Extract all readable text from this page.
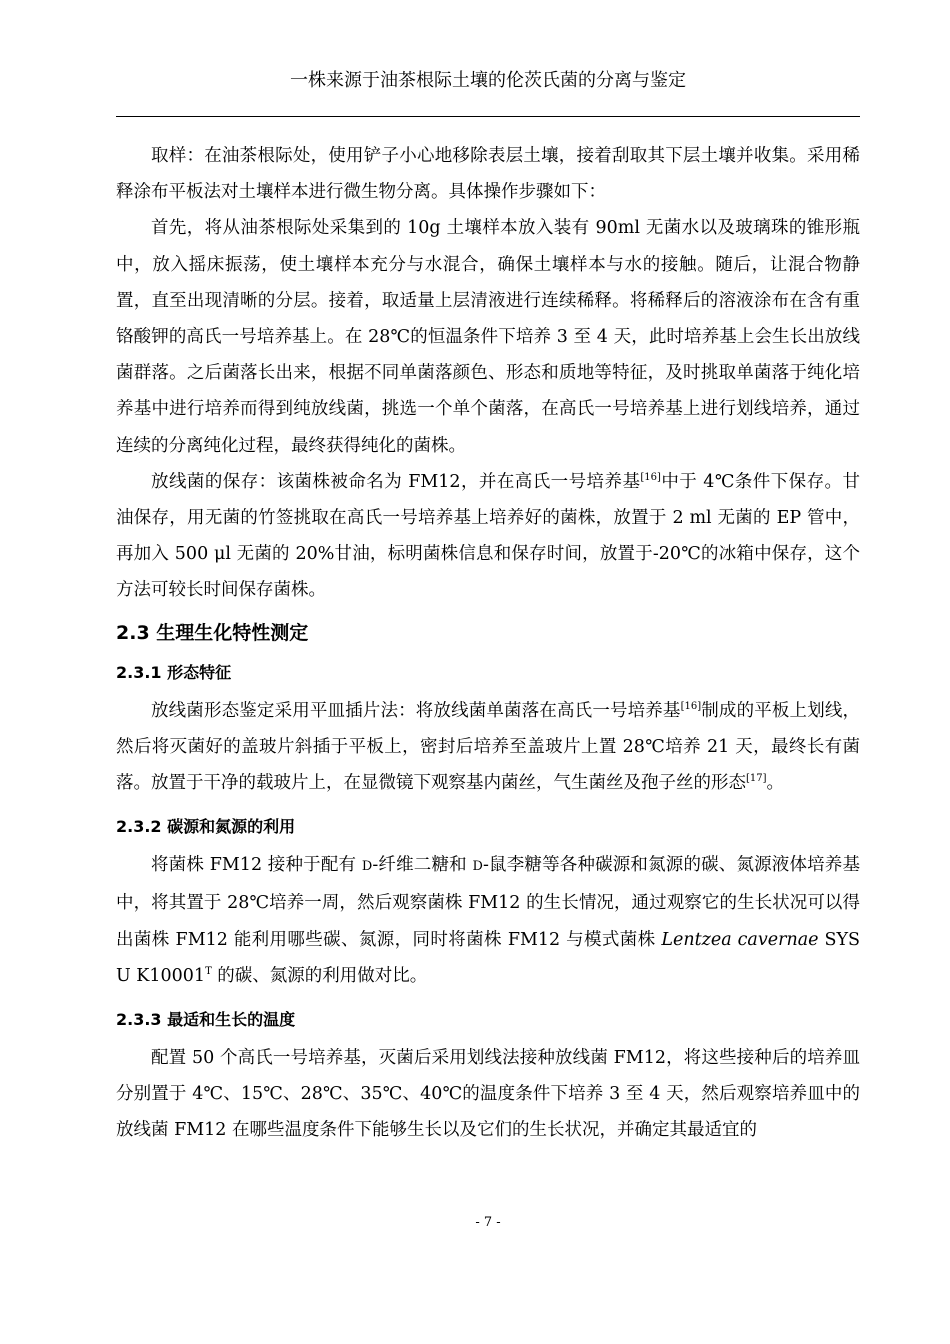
一株来源于油茶根际土壤的伦茨氏菌的分离与鉴定

取样：在油茶根际处，使用铲子小心地移除表层土壤，接着刮取其下层土壤并收集。采用稀释涂布平板法对土壤样本进行微生物分离。具体操作步骤如下：

首先，将从油茶根际处采集到的 10g 土壤样本放入装有 90ml 无菌水以及玻璃珠的锥形瓶中，放入摇床振荡，使土壤样本充分与水混合，确保土壤样本与水的接触。随后，让混合物静置，直至出现清晰的分层。接着，取适量上层清液进行连续稀释。将稀释后的溶液涂布在含有重铬酸钾的高氏一号培养基上。在 28℃的恒温条件下培养 3 至 4 天，此时培养基上会生长出放线菌群落。之后菌落长出来，根据不同单菌落颜色、形态和质地等特征，及时挑取单菌落于纯化培养基中进行培养而得到纯放线菌，挑选一个单个菌落，在高氏一号培养基上进行划线培养，通过连续的分离纯化过程，最终获得纯化的菌株。

放线菌的保存：该菌株被命名为 FM12，并在高氏一号培养基[16]中于 4℃条件下保存。甘油保存，用无菌的竹签挑取在高氏一号培养基上培养好的菌株，放置于 2 ml 无菌的 EP 管中，再加入 500 μl 无菌的 20%甘油，标明菌株信息和保存时间，放置于-20℃的冰箱中保存，这个方法可较长时间保存菌株。

2.3 生理生化特性测定
2.3.1 形态特征

放线菌形态鉴定采用平皿插片法：将放线菌单菌落在高氏一号培养基[16]制成的平板上划线，然后将灭菌好的盖玻片斜插于平板上，密封后培养至盖玻片上置 28℃培养 21 天，最终长有菌落。放置于干净的载玻片上，在显微镜下观察基内菌丝，气生菌丝及孢子丝的形态[17]。

2.3.2 碳源和氮源的利用

将菌株 FM12 接种于配有 D-纤维二糖和 D-鼠李糖等各种碳源和氮源的碳、氮源液体培养基中，将其置于 28℃培养一周，然后观察菌株 FM12 的生长情况，通过观察它的生长状况可以得出菌株 FM12 能利用哪些碳、氮源，同时将菌株 FM12 与模式菌株 Lentzea cavernae SYSU $K10001^T$ 的碳、氮源的利用做对比。

2.3.3 最适和生长的温度

配置 50 个高氏一号培养基，灭菌后采用划线法接种放线菌 FM12，将这些接种后的培养皿分别置于 4℃、15℃、28℃、35℃、40℃的温度条件下培养 3 至 4 天，然后观察培养皿中的放线菌 FM12 在哪些温度条件下能够生长以及它们的生长状况，并确定其最适宜的

- 7 -
